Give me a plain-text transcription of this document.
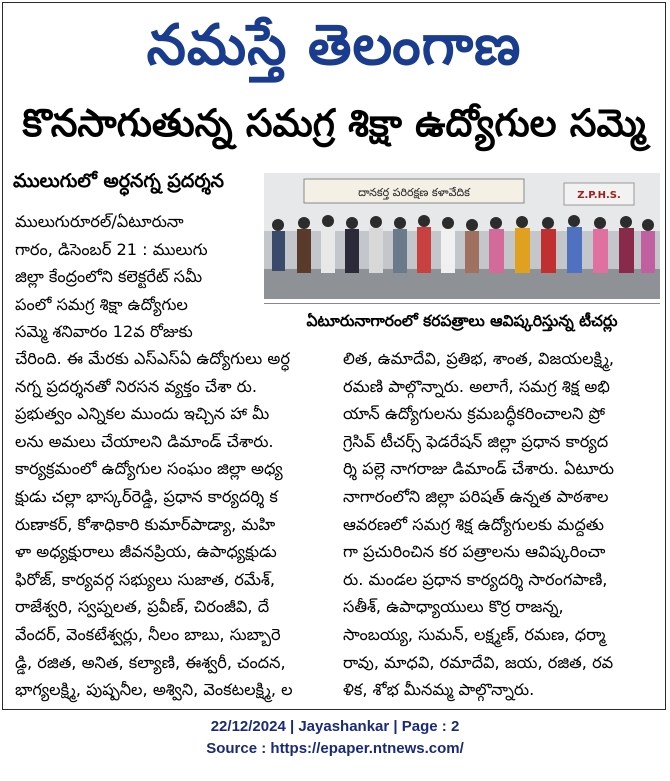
నమస్తే తెలంగాణ
కొనసాగుతున్న సమగ్ర శిక్షా ఉద్యోగుల సమ్మె
ములుగులో అర్ధనగ్న ప్రదర్శన
ములుగురూరల్/ఏటూరునా
గారం, డిసెంబర్ 21 : ములుగు
జిల్లా కేంద్రంలోని కలెక్టరేట్ సమీ
పంలో సమగ్ర శిక్షా ఉద్యోగుల
సమ్మె శనివారం 12వ రోజుకు
దానకర్త పరిరక్షణ కళావేదిక	Z.P.H.S.
ఏటూరునాగారంలో కరపత్రాలు ఆవిష్కరిస్తున్న టీచర్లు
చేరింది. ఈ మేరకు ఎస్ఎస్ఏ ఉద్యోగులు అర్ధ
నగ్న ప్రదర్శనతో నిరసన వ్యక్తం చేశా రు.
ప్రభుత్వం ఎన్నికల ముందు ఇచ్చిన హా మీ
లను అమలు చేయాలని డిమాండ్ చేశారు.
కార్యక్రమంలో ఉద్యోగుల సంఘం జిల్లా అధ్య
క్షుడు చల్లా భాస్కర్‌రెడ్డి, ప్రధాన కార్యదర్శి క
రుణాకర్, కోశాధికారి కుమార్‌పాడ్యా, మహి
ళా అధ్యక్షురాలు జీవనప్రియ, ఉపాధ్యక్షుడు
ఫిరోజ్, కార్యవర్గ సభ్యులు సుజాత, రమేశ్,
రాజేశ్వరి, స్వప్నలత, ప్రవీణ్, చిరంజీవి, దే
వేందర్, వెంకటేశ్వర్లు, నీలం బాబు, సుబ్బారె
డ్డి, రజిత, అనిత, కల్యాణి, ఈశ్వరీ, చందన,
భాగ్యలక్ష్మి, పుష్పనీల, అశ్విని, వెంకటలక్ష్మి, ల
లిత, ఉమాదేవి, ప్రతిభ, శాంత, విజయలక్ష్మి,
రమణి పాల్గొన్నారు. అలాగే, సమగ్ర శిక్ష అభి
యాన్ ఉద్యోగులను క్రమబద్ధీకరించాలని ప్రో
గ్రెసివ్ టీచర్స్ ఫెడరేషన్ జిల్లా ప్రధాన కార్యద
ర్శి పల్లె నాగరాజు డిమాండ్ చేశారు. ఏటూరు
నాగారంలోని జిల్లా పరిషత్ ఉన్నత పాఠశాల
ఆవరణలో సమగ్ర శిక్ష ఉద్యోగులకు మద్దతు
గా ప్రచురించిన కర పత్రాలను ఆవిష్కరించా
రు. మండల ప్రధాన కార్యదర్శి సారంగపాణి,
సతీశ్, ఉపాధ్యాయులు కొర్ర రాజన్న,
సాంబయ్య, సుమన్, లక్ష్మణ్, రమణ, ధర్మా
రావు, మాధవి, రమాదేవి, జయ, రజిత, రవ
ళిక, శోభ మీనమ్మ పాల్గొన్నారు.
22/12/2024 | Jayashankar | Page : 2
Source : https://epaper.ntnews.com/
